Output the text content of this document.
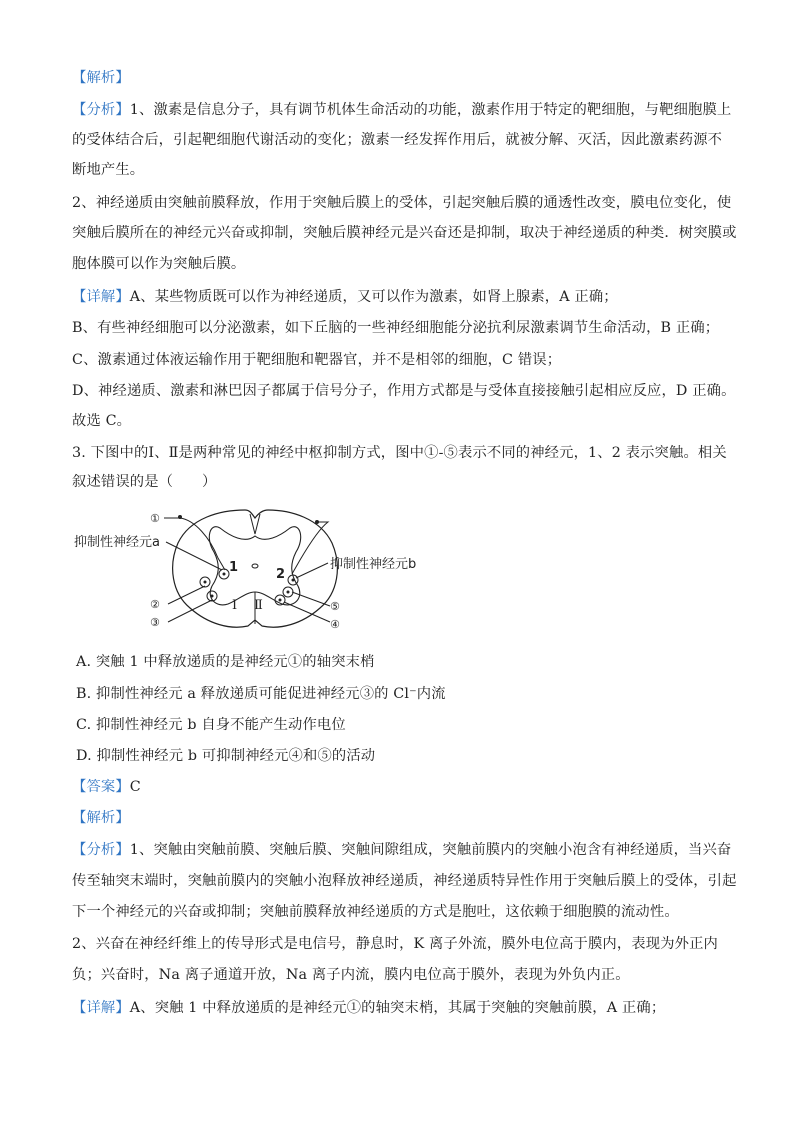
【解析】
【分析】1、激素是信息分子，具有调节机体生命活动的功能，激素作用于特定的靶细胞，与靶细胞膜上
的受体结合后，引起靶细胞代谢活动的变化；激素一经发挥作用后，就被分解、灭活，因此激素药源不
断地产生。
2、神经递质由突触前膜释放，作用于突触后膜上的受体，引起突触后膜的通透性改变，膜电位变化，使
突触后膜所在的神经元兴奋或抑制，突触后膜神经元是兴奋还是抑制，取决于神经递质的种类．树突膜或
胞体膜可以作为突触后膜。
【详解】A、某些物质既可以作为神经递质，又可以作为激素，如肾上腺素，A 正确；
B、有些神经细胞可以分泌激素，如下丘脑的一些神经细胞能分泌抗利尿激素调节生命活动，B 正确；
C、激素通过体液运输作用于靶细胞和靶器官，并不是相邻的细胞，C 错误；
D、神经递质、激素和淋巴因子都属于信号分子，作用方式都是与受体直接接触引起相应反应，D 正确。
故选 C。
3. 下图中的Ⅰ、Ⅱ是两种常见的神经中枢抑制方式，图中①-⑤表示不同的神经元，1、2 表示突触。相关
叙述错误的是（　　）
抑制性神经元a
抑制性神经元b
①
②
③
⑤
④
1	2
Ⅰ Ⅱ
A. 突触 1 中释放递质的是神经元①的轴突末梢
B. 抑制性神经元 a 释放递质可能促进神经元③的 Cl⁻内流
C. 抑制性神经元 b 自身不能产生动作电位
D. 抑制性神经元 b 可抑制神经元④和⑤的活动
【答案】C
【解析】
【分析】1、突触由突触前膜、突触后膜、突触间隙组成，突触前膜内的突触小泡含有神经递质，当兴奋
传至轴突末端时，突触前膜内的突触小泡释放神经递质，神经递质特异性作用于突触后膜上的受体，引起
下一个神经元的兴奋或抑制；突触前膜释放神经递质的方式是胞吐，这依赖于细胞膜的流动性。
2、兴奋在神经纤维上的传导形式是电信号，静息时，K 离子外流，膜外电位高于膜内，表现为外正内
负；兴奋时，Na 离子通道开放，Na 离子内流，膜内电位高于膜外，表现为外负内正。
【详解】A、突触 1 中释放递质的是神经元①的轴突末梢，其属于突触的突触前膜，A 正确；
